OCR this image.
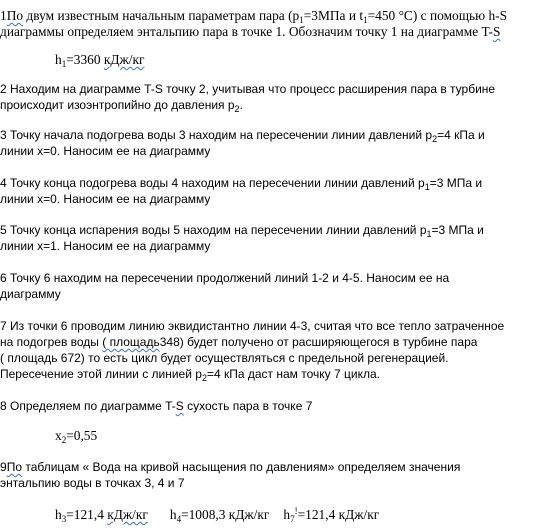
1По двум известным начальным параметрам пара ($p_1=3МПа$ и $t_1=450$ °С) с помощью h-S
диаграммы определяем энтальпию пара в точке 1. Обозначим точку 1 на диаграмме T-S
$h_1=3360$ кДж/кг
2 Находим на диаграмме T-S точку 2, учитывая что процесс расширения пара в турбине
происходит изоэнтропийно до давления $p_2$.
3 Точку начала подогрева воды 3 находим на пересечении линии давлений $p_2=4$ кПа и
линии x=0. Наносим ее на диаграмму
4 Точку конца подогрева воды 4 находим на пересечении линии давлений $p_1=3$ МПа и
линии x=0. Наносим ее на диаграмму
5 Точку конца испарения воды 5 находим на пересечении линии давлений $p_1=3$ МПа и
линии x=1. Наносим ее на диаграмму
6 Точку 6 находим на пересечении продолжений линий 1-2 и 4-5. Наносим ее на
диаграмму
7 Из точки 6 проводим линию эквидистантно линии 4-3, считая что все тепло затраченное
на подогрев воды ( площадь348) будет получено от расширяющегося в турбине пара
( площадь 672) то есть цикл будет осуществляться с предельной регенерацией.
Пересечение этой линии с линией $p_2=4$ кПа даст нам точку 7 цикла.
8 Определяем по диаграмме T-S сухость пара в точке 7
$x_2=0,55$
9По таблицам « Вода на кривой насыщения по давлениям» определяем значения
энтальпию воды в точках 3, 4 и 7
$h_3=121,4$ кДж/кг $h_4=1008,3$ кДж/кг $h_7^!=121,4$ кДж/кг
